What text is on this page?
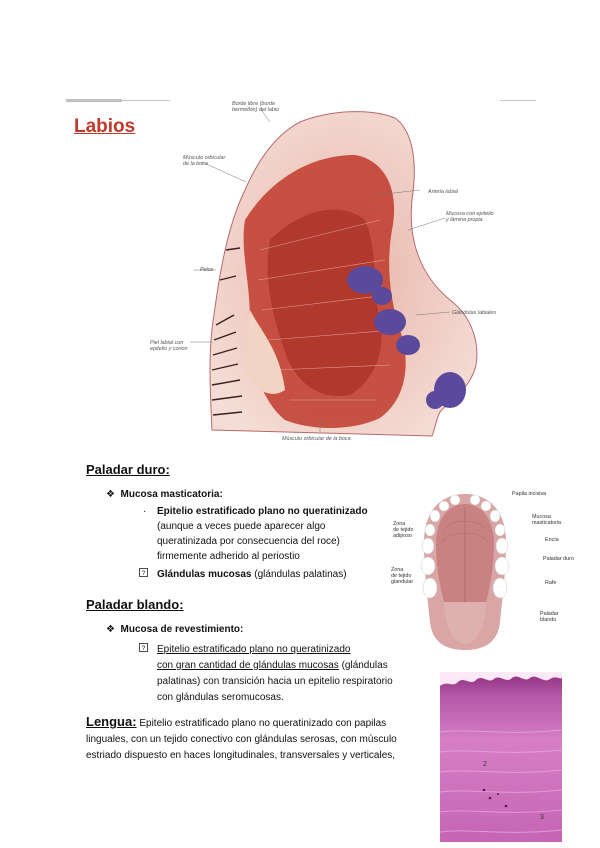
Labios
Borde libre (borde
bermellón) del labio
Músculo orbicular
de la boca
Arteria labial
Mucosa con epitelio
y lámina propia
Pelos
Glándulas labiales
Piel labial con
epitelio y corion
Músculo orbicular de la boca
Paladar duro:
❖ Mucosa masticatoria:
· Epitelio estratificado plano no queratinizado
(aunque a veces puede aparecer algo
queratinizada por consecuencia del roce)
firmemente adherido al periostio
? Glándulas mucosas (glándulas palatinas)
Papila incisiva
Mucosa
masticatoria
Encía
Paladar duro
Rafe
Paladar
blando
Zona
de tejido
adiposo
Zona
de tejido
glandular
Paladar blando:
❖ Mucosa de revestimiento:
? Epitelio estratificado plano no queratinizado
con gran cantidad de glándulas mucosas (glándulas
palatinas) con transición hacia un epitelio respiratorio
con glándulas seromucosas.
Lengua: Epitelio estratificado plano no queratinizado con papilas linguales, con un tejido conectivo con glándulas serosas, con músculo estriado dispuesto en haces longitudinales, transversales y verticales,
2
3
